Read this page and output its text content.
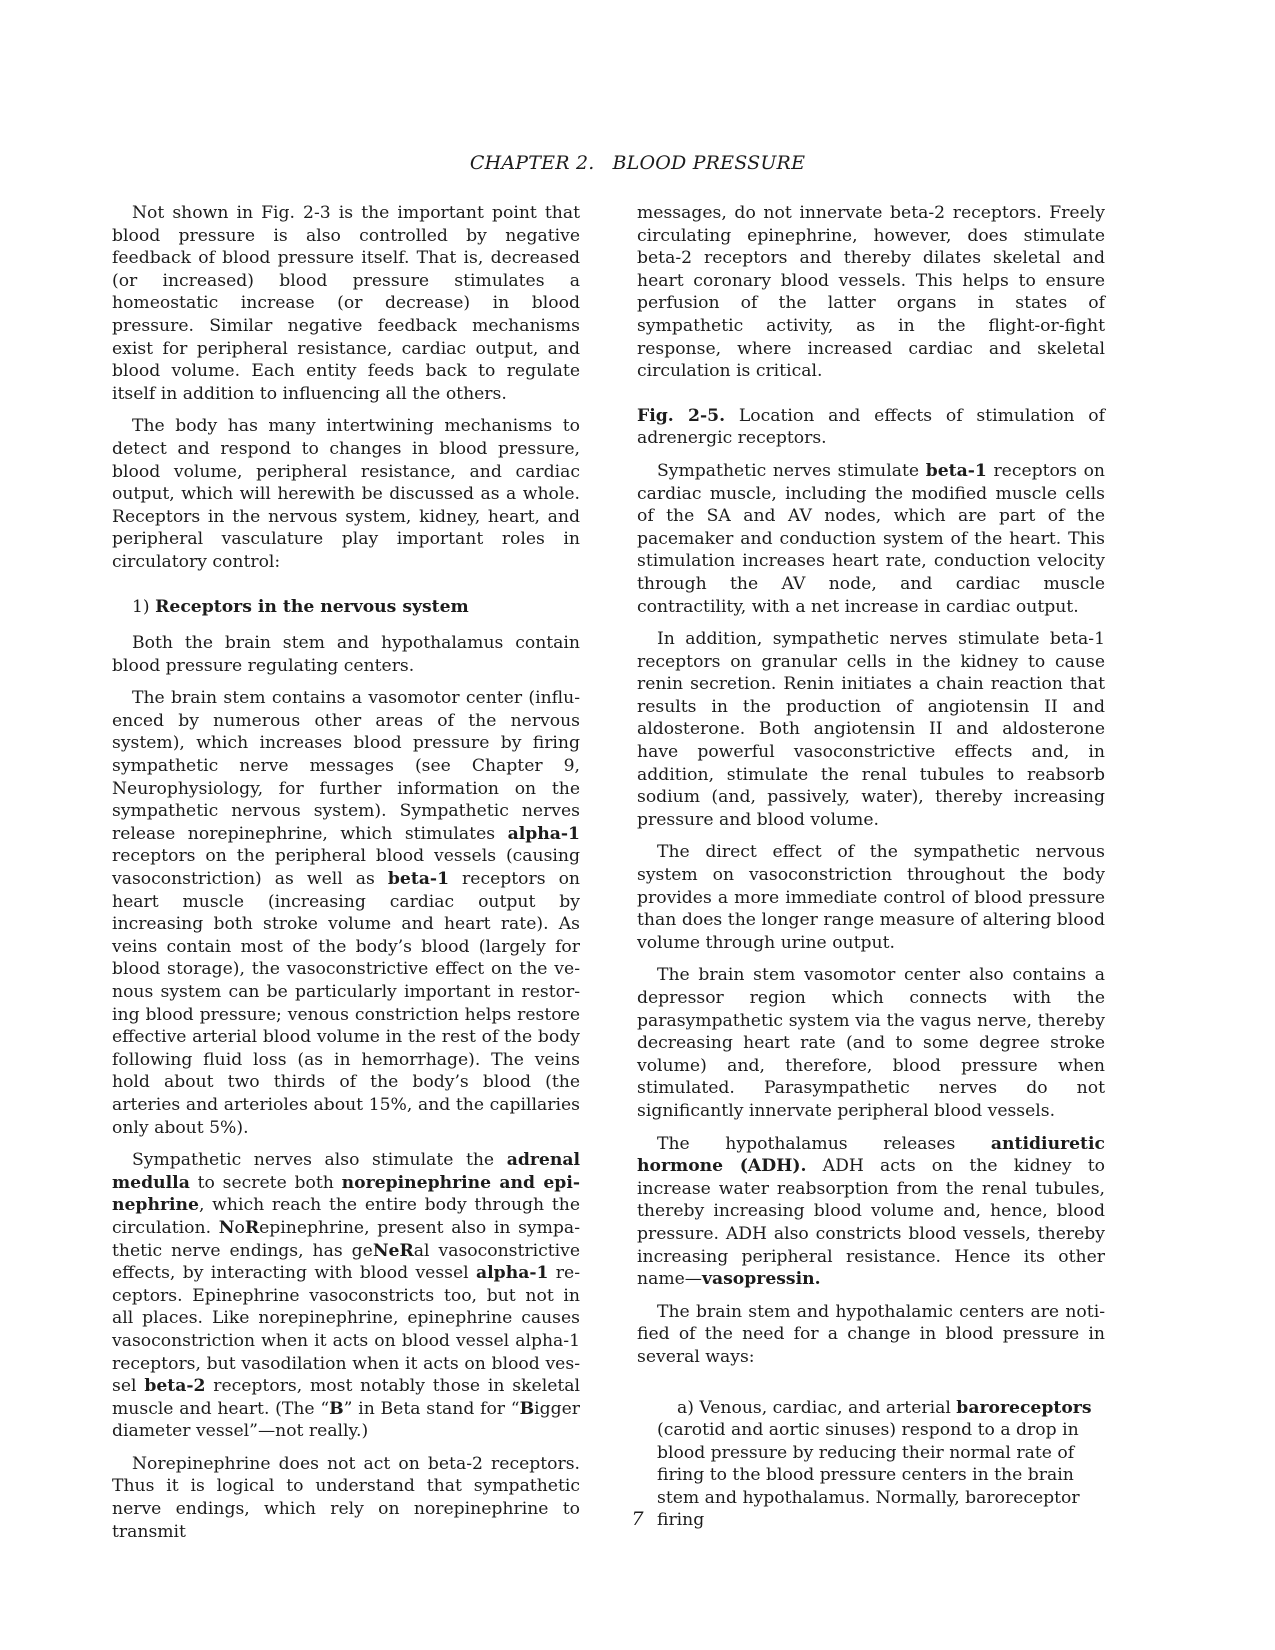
CHAPTER 2. BLOOD PRESSURE

Not shown in Fig. 2-3 is the important point that blood pressure is also controlled by negative feedback of blood pressure itself. That is, decreased (or increased) blood pressure stimulates a homeostatic increase (or decrease) in blood pressure. Similar negative feedback mechanisms exist for peripheral resistance, cardiac output, and blood volume. Each entity feeds back to regulate itself in addition to influencing all the others.

The body has many intertwining mechanisms to detect and respond to changes in blood pressure, blood volume, peripheral resistance, and cardiac output, which will herewith be discussed as a whole. Receptors in the nervous system, kidney, heart, and peripheral vasculature play important roles in circulatory control:

1) Receptors in the nervous system

Both the brain stem and hypothalamus contain blood pressure regulating centers.

The brain stem contains a vasomotor center (influenced by numerous other areas of the nervous system), which increases blood pressure by firing sympathetic nerve messages (see Chapter 9, Neurophysiology, for further information on the sympathetic nervous system). Sympathetic nerves release norepinephrine, which stimulates alpha-1 receptors on the peripheral blood vessels (causing vasoconstriction) as well as beta-1 receptors on heart muscle (increasing cardiac output by increasing both stroke volume and heart rate). As veins contain most of the body’s blood (largely for blood storage), the vasoconstrictive effect on the venous system can be particularly important in restoring blood pressure; venous constriction helps restore effective arterial blood volume in the rest of the body following fluid loss (as in hemorrhage). The veins hold about two thirds of the body’s blood (the arteries and arterioles about 15%, and the capillaries only about 5%).

Sympathetic nerves also stimulate the adrenal medulla to secrete both norepinephrine and epinephrine, which reach the entire body through the circulation. NoRepinephrine, present also in sympathetic nerve endings, has geNeRal vasoconstrictive effects, by interacting with blood vessel alpha-1 receptors. Epinephrine vasoconstricts too, but not in all places. Like norepinephrine, epinephrine causes vasoconstriction when it acts on blood vessel alpha-1 receptors, but vasodilation when it acts on blood vessel beta-2 receptors, most notably those in skeletal muscle and heart. (The “B” in Beta stand for “Bigger diameter vessel”—not really.)

Norepinephrine does not act on beta-2 receptors. Thus it is logical to understand that sympathetic nerve endings, which rely on norepinephrine to transmit

messages, do not innervate beta-2 receptors. Freely circulating epinephrine, however, does stimulate beta-2 receptors and thereby dilates skeletal and heart coronary blood vessels. This helps to ensure perfusion of the latter organs in states of sympathetic activity, as in the flight-or-fight response, where increased cardiac and skeletal circulation is critical.

Fig. 2-5. Location and effects of stimulation of adrenergic receptors.

Sympathetic nerves stimulate beta-1 receptors on cardiac muscle, including the modified muscle cells of the SA and AV nodes, which are part of the pacemaker and conduction system of the heart. This stimulation increases heart rate, conduction velocity through the AV node, and cardiac muscle contractility, with a net increase in cardiac output.

In addition, sympathetic nerves stimulate beta-1 receptors on granular cells in the kidney to cause renin secretion. Renin initiates a chain reaction that results in the production of angiotensin II and aldosterone. Both angiotensin II and aldosterone have powerful vasoconstrictive effects and, in addition, stimulate the renal tubules to reabsorb sodium (and, passively, water), thereby increasing pressure and blood volume.

The direct effect of the sympathetic nervous system on vasoconstriction throughout the body provides a more immediate control of blood pressure than does the longer range measure of altering blood volume through urine output.

The brain stem vasomotor center also contains a depressor region which connects with the parasympathetic system via the vagus nerve, thereby decreasing heart rate (and to some degree stroke volume) and, therefore, blood pressure when stimulated. Parasympathetic nerves do not significantly innervate peripheral blood vessels.

The hypothalamus releases antidiuretic hormone (ADH). ADH acts on the kidney to increase water reabsorption from the renal tubules, thereby increasing blood volume and, hence, blood pressure. ADH also constricts blood vessels, thereby increasing peripheral resistance. Hence its other name—vasopressin.

The brain stem and hypothalamic centers are notified of the need for a change in blood pressure in several ways:

a) Venous, cardiac, and arterial baroreceptors (carotid and aortic sinuses) respond to a drop in blood pressure by reducing their normal rate of firing to the blood pressure centers in the brain stem and hypothalamus. Normally, baroreceptor firing

7
